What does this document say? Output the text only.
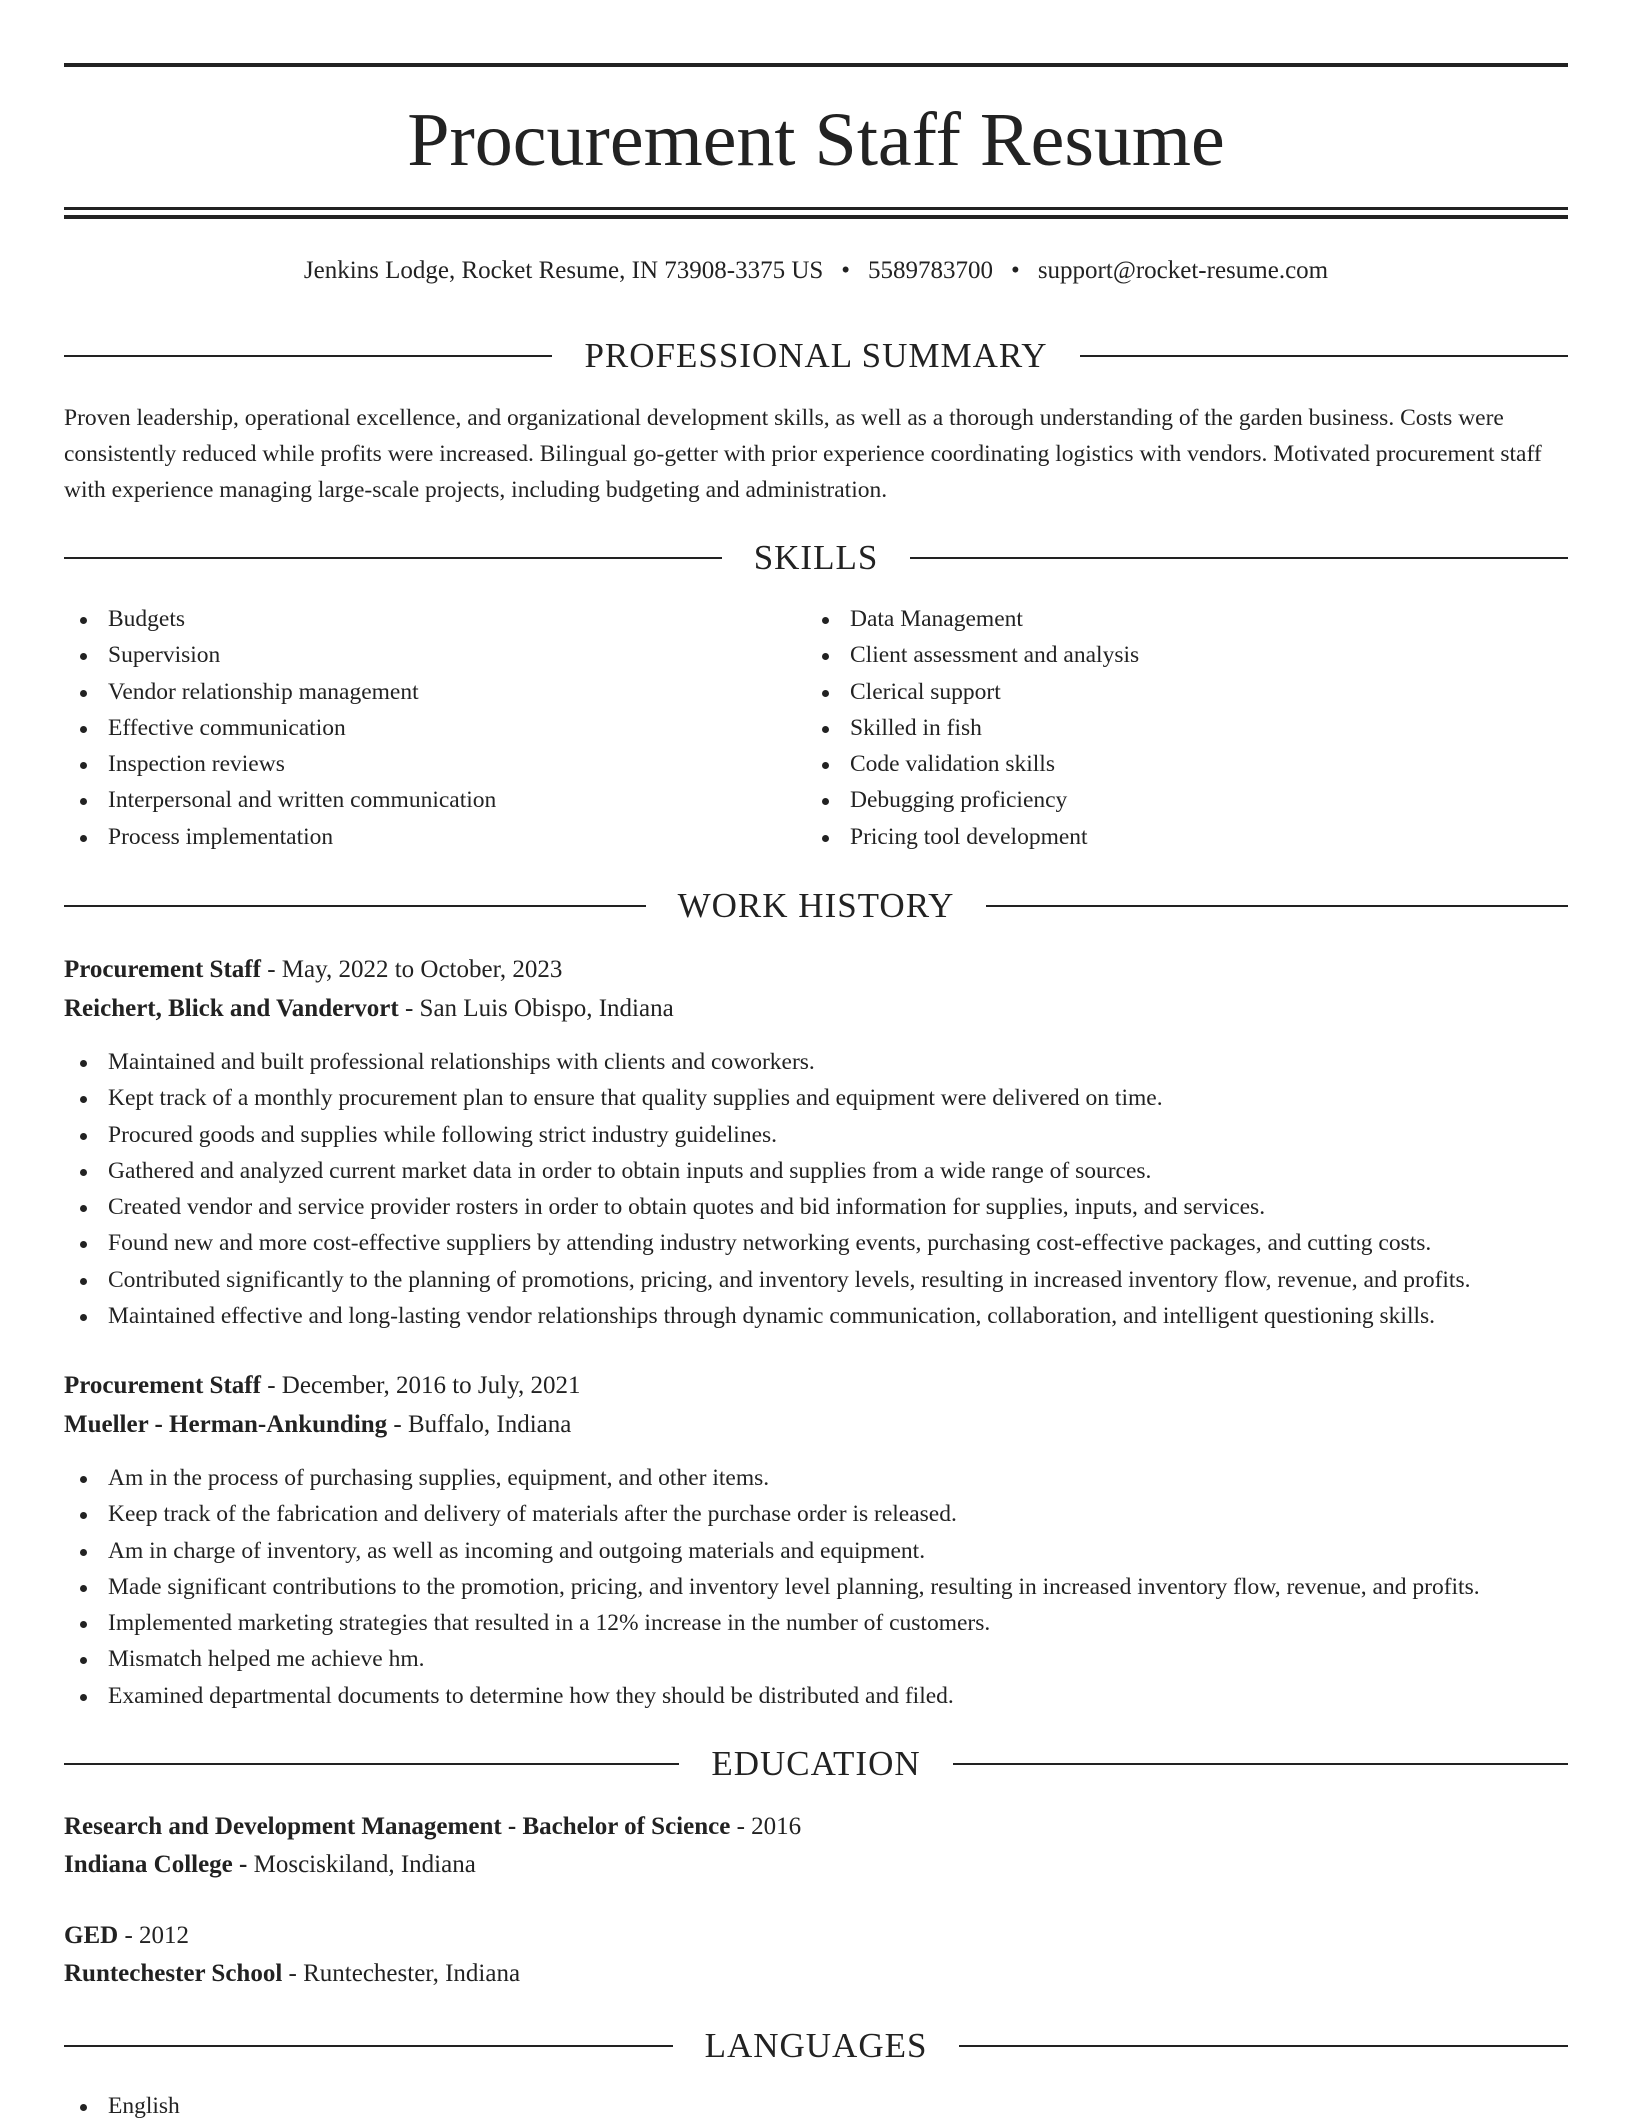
Procurement Staff Resume
Jenkins Lodge, Rocket Resume, IN 73908-3375 US • 5589783700 • support@rocket-resume.com
PROFESSIONAL SUMMARY

Proven leadership, operational excellence, and organizational development skills, as well as a thorough understanding of the garden business. Costs were consistently reduced while profits were increased. Bilingual go-getter with prior experience coordinating logistics with vendors. Motivated procurement staff with experience managing large-scale projects, including budgeting and administration.

SKILLS
Budgets
Supervision
Vendor relationship management
Effective communication
Inspection reviews
Interpersonal and written communication
Process implementation
Data Management
Client assessment and analysis
Clerical support
Skilled in fish
Code validation skills
Debugging proficiency
Pricing tool development
WORK HISTORY
Procurement Staff - May, 2022 to October, 2023
Reichert, Blick and Vandervort - San Luis Obispo, Indiana
Maintained and built professional relationships with clients and coworkers.
Kept track of a monthly procurement plan to ensure that quality supplies and equipment were delivered on time.
Procured goods and supplies while following strict industry guidelines.
Gathered and analyzed current market data in order to obtain inputs and supplies from a wide range of sources.
Created vendor and service provider rosters in order to obtain quotes and bid information for supplies, inputs, and services.
Found new and more cost-effective suppliers by attending industry networking events, purchasing cost-effective packages, and cutting costs.
Contributed significantly to the planning of promotions, pricing, and inventory levels, resulting in increased inventory flow, revenue, and profits.
Maintained effective and long-lasting vendor relationships through dynamic communication, collaboration, and intelligent questioning skills.
Procurement Staff - December, 2016 to July, 2021
Mueller - Herman-Ankunding - Buffalo, Indiana
Am in the process of purchasing supplies, equipment, and other items.
Keep track of the fabrication and delivery of materials after the purchase order is released.
Am in charge of inventory, as well as incoming and outgoing materials and equipment.
Made significant contributions to the promotion, pricing, and inventory level planning, resulting in increased inventory flow, revenue, and profits.
Implemented marketing strategies that resulted in a 12% increase in the number of customers.
Mismatch helped me achieve hm.
Examined departmental documents to determine how they should be distributed and filed.
EDUCATION
Research and Development Management - Bachelor of Science - 2016
Indiana College - Mosciskiland, Indiana
GED - 2012
Runtechester School - Runtechester, Indiana
LANGUAGES
English
